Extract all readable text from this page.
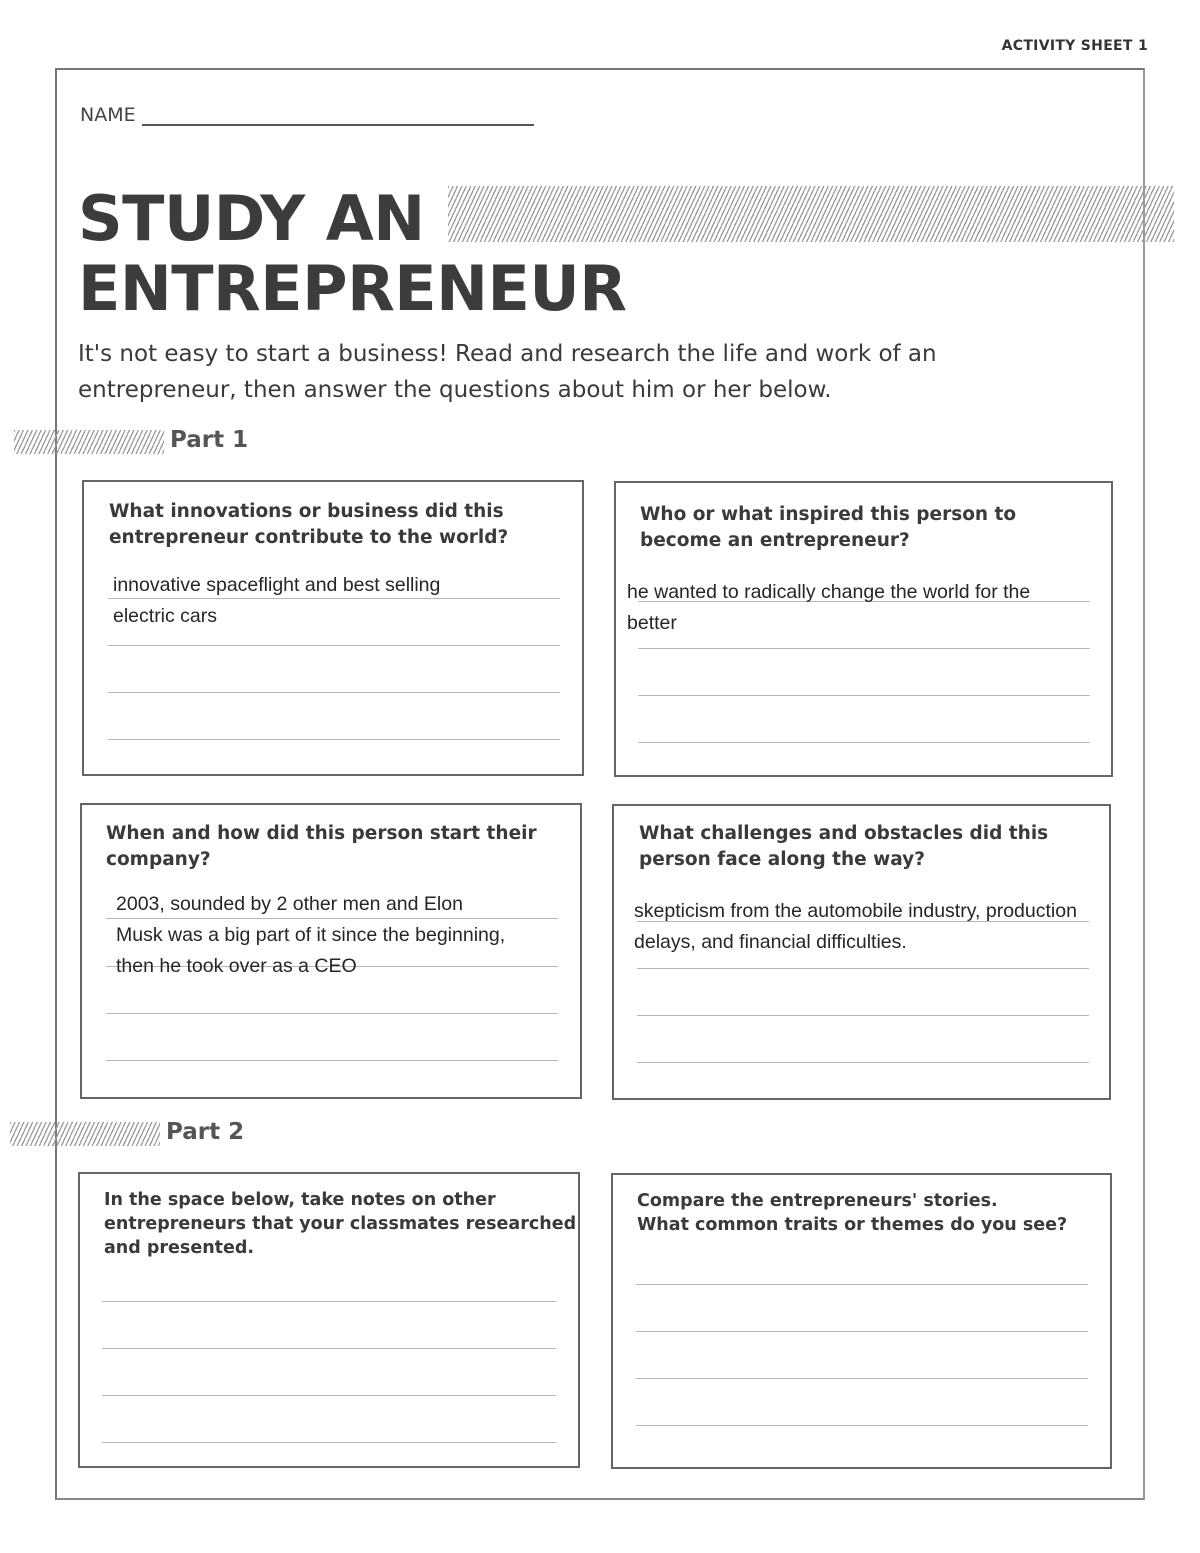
ACTIVITY SHEET 1
NAME
STUDY AN
ENTREPRENEUR

It's not easy to start a business! Read and research the life and work of an
entrepreneur, then answer the questions about him or her below.

Part 1

What innovations or business did this
entrepreneur contribute to the world?

innovative spaceflight and best selling
electric cars

Who or what inspired this person to
become an entrepreneur?

he wanted to radically change the world for the
better

When and how did this person start their
company?

2003, sounded by 2 other men and Elon
Musk was a big part of it since the beginning,
then he took over as a CEO

What challenges and obstacles did this
person face along the way?

skepticism from the automobile industry, production
delays, and financial difficulties.

Part 2

In the space below, take notes on other
entrepreneurs that your classmates researched
and presented.

Compare the entrepreneurs' stories.
What common traits or themes do you see?
